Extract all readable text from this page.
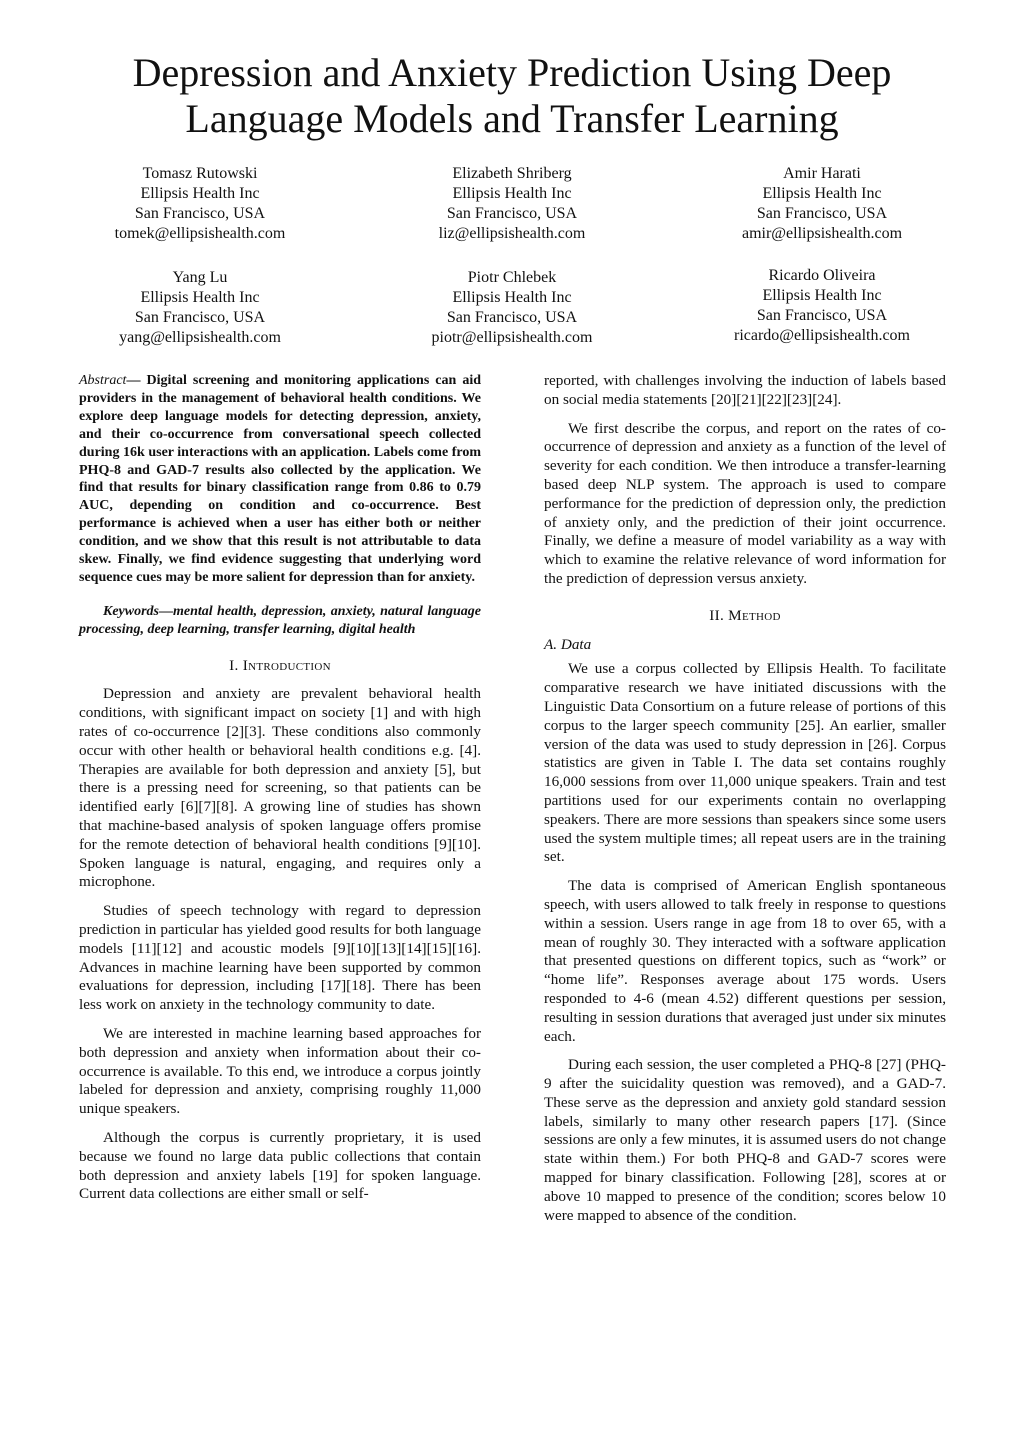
Depression and Anxiety Prediction Using Deep Language Models and Transfer Learning
Tomasz Rutowski
Ellipsis Health Inc
San Francisco, USA
tomek@ellipsishealth.com
Elizabeth Shriberg
Ellipsis Health Inc
San Francisco, USA
liz@ellipsishealth.com
Amir Harati
Ellipsis Health Inc
San Francisco, USA
amir@ellipsishealth.com
Yang Lu
Ellipsis Health Inc
San Francisco, USA
yang@ellipsishealth.com
Piotr Chlebek
Ellipsis Health Inc
San Francisco, USA
piotr@ellipsishealth.com
Ricardo Oliveira
Ellipsis Health Inc
San Francisco, USA
ricardo@ellipsishealth.com

Abstract— Digital screening and monitoring applications can aid providers in the management of behavioral health conditions. We explore deep language models for detecting depression, anxiety, and their co-occurrence from conversational speech collected during 16k user interactions with an application. Labels come from PHQ-8 and GAD-7 results also collected by the application. We find that results for binary classification range from 0.86 to 0.79 AUC, depending on condition and co-occurrence. Best performance is achieved when a user has either both or neither condition, and we show that this result is not attributable to data skew. Finally, we find evidence suggesting that underlying word sequence cues may be more salient for depression than for anxiety.

Keywords—mental health, depression, anxiety, natural language processing, deep learning, transfer learning, digital health

I. Introduction

Depression and anxiety are prevalent behavioral health conditions, with significant impact on society [1] and with high rates of co-occurrence [2][3]. These conditions also commonly occur with other health or behavioral health conditions e.g. [4]. Therapies are available for both depression and anxiety [5], but there is a pressing need for screening, so that patients can be identified early [6][7][8]. A growing line of studies has shown that machine-based analysis of spoken language offers promise for the remote detection of behavioral health conditions [9][10]. Spoken language is natural, engaging, and requires only a microphone.

Studies of speech technology with regard to depression prediction in particular has yielded good results for both language models [11][12] and acoustic models [9][10][13][14][15][16]. Advances in machine learning have been supported by common evaluations for depression, including [17][18]. There has been less work on anxiety in the technology community to date.

We are interested in machine learning based approaches for both depression and anxiety when information about their co-occurrence is available. To this end, we introduce a corpus jointly labeled for depression and anxiety, comprising roughly 11,000 unique speakers.

Although the corpus is currently proprietary, it is used because we found no large data public collections that contain both depression and anxiety labels [19] for spoken language. Current data collections are either small or self-

reported, with challenges involving the induction of labels based on social media statements [20][21][22][23][24].

We first describe the corpus, and report on the rates of co-occurrence of depression and anxiety as a function of the level of severity for each condition. We then introduce a transfer-learning based deep NLP system. The approach is used to compare performance for the prediction of depression only, the prediction of anxiety only, and the prediction of their joint occurrence. Finally, we define a measure of model variability as a way with which to examine the relative relevance of word information for the prediction of depression versus anxiety.

II. Method

A. Data

We use a corpus collected by Ellipsis Health. To facilitate comparative research we have initiated discussions with the Linguistic Data Consortium on a future release of portions of this corpus to the larger speech community [25]. An earlier, smaller version of the data was used to study depression in [26]. Corpus statistics are given in Table I. The data set contains roughly 16,000 sessions from over 11,000 unique speakers. Train and test partitions used for our experiments contain no overlapping speakers. There are more sessions than speakers since some users used the system multiple times; all repeat users are in the training set.

The data is comprised of American English spontaneous speech, with users allowed to talk freely in response to questions within a session. Users range in age from 18 to over 65, with a mean of roughly 30. They interacted with a software application that presented questions on different topics, such as “work” or “home life”. Responses average about 175 words. Users responded to 4-6 (mean 4.52) different questions per session, resulting in session durations that averaged just under six minutes each.

During each session, the user completed a PHQ-8 [27] (PHQ-9 after the suicidality question was removed), and a GAD-7. These serve as the depression and anxiety gold standard session labels, similarly to many other research papers [17]. (Since sessions are only a few minutes, it is assumed users do not change state within them.) For both PHQ-8 and GAD-7 scores were mapped for binary classification. Following [28], scores at or above 10 mapped to presence of the condition; scores below 10 were mapped to absence of the condition.
